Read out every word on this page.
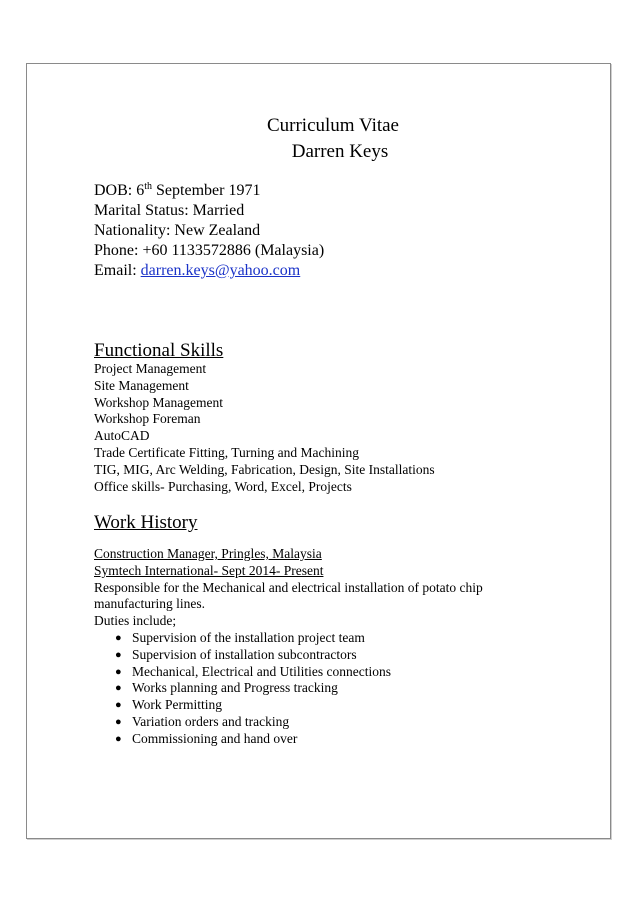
Curriculum Vitae
Darren Keys
DOB: 6th September 1971
Marital Status: Married
Nationality: New Zealand
Phone: +60 1133572886 (Malaysia)
Email: darren.keys@yahoo.com
Functional Skills
Project Management
Site Management
Workshop Management
Workshop Foreman
AutoCAD
Trade Certificate Fitting, Turning and Machining
TIG, MIG, Arc Welding, Fabrication, Design, Site Installations
Office skills- Purchasing, Word, Excel, Projects
Work History
Construction Manager, Pringles, Malaysia
Symtech International- Sept 2014- Present
Responsible for the Mechanical and electrical installation of potato chip manufacturing lines.
Duties include;
● Supervision of the installation project team
● Supervision of installation subcontractors
● Mechanical, Electrical and Utilities connections
● Works planning and Progress tracking
● Work Permitting
● Variation orders and tracking
● Commissioning and hand over
